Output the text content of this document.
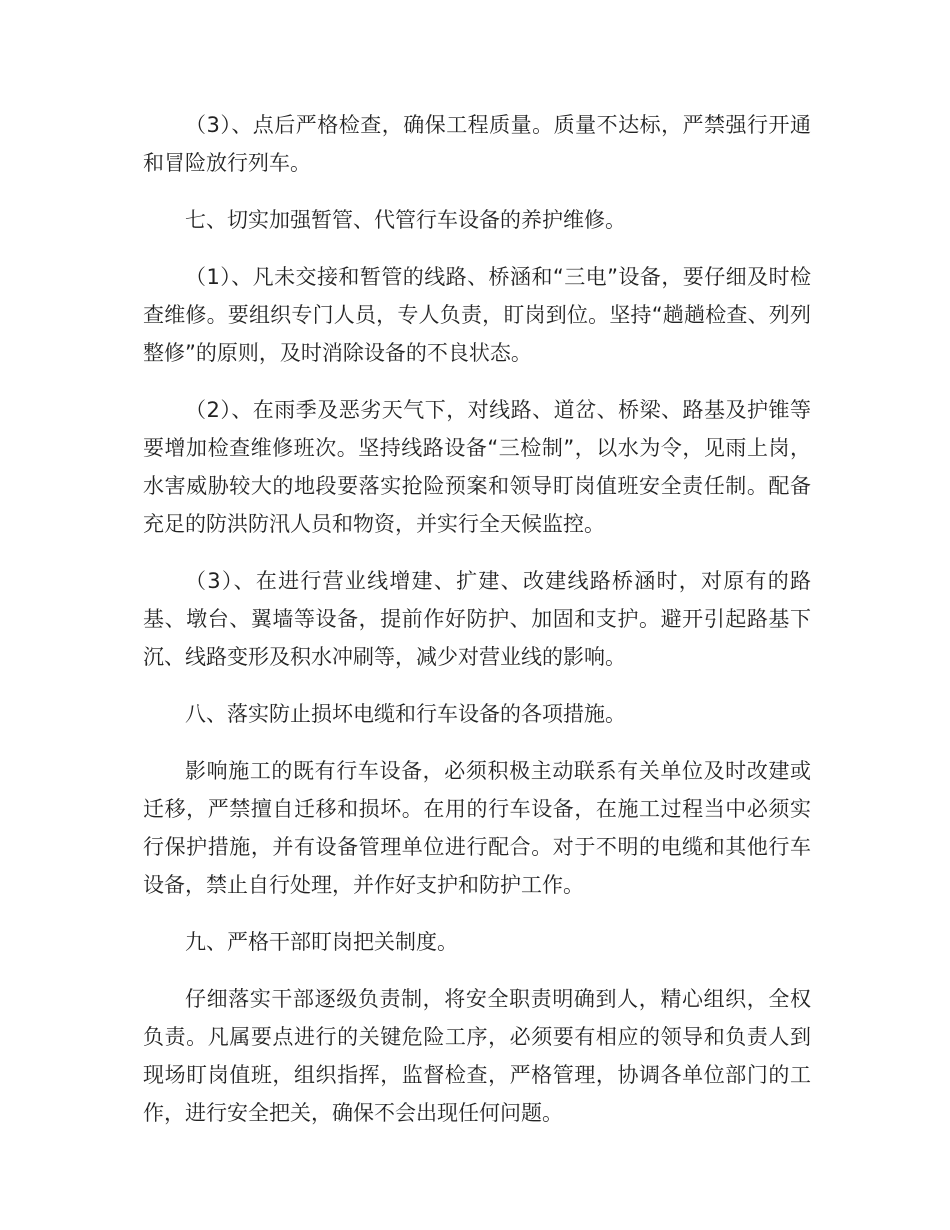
（3）、点后严格检查，确保工程质量。质量不达标，严禁强行开通和冒险放行列车。

七、切实加强暂管、代管行车设备的养护维修。

（1）、凡未交接和暂管的线路、桥涵和“三电”设备，要仔细及时检查维修。要组织专门人员，专人负责，盯岗到位。坚持“趟趟检查、列列整修”的原则，及时消除设备的不良状态。

（2）、在雨季及恶劣天气下，对线路、道岔、桥梁、路基及护锥等要增加检查维修班次。坚持线路设备“三检制”，以水为令，见雨上岗，水害威胁较大的地段要落实抢险预案和领导盯岗值班安全责任制。配备充足的防洪防汛人员和物资，并实行全天候监控。

（3）、在进行营业线增建、扩建、改建线路桥涵时，对原有的路基、墩台、翼墙等设备，提前作好防护、加固和支护。避开引起路基下沉、线路变形及积水冲刷等，减少对营业线的影响。

八、落实防止损坏电缆和行车设备的各项措施。

影响施工的既有行车设备，必须积极主动联系有关单位及时改建或迁移，严禁擅自迁移和损坏。在用的行车设备，在施工过程当中必须实行保护措施，并有设备管理单位进行配合。对于不明的电缆和其他行车设备，禁止自行处理，并作好支护和防护工作。

九、严格干部盯岗把关制度。

仔细落实干部逐级负责制，将安全职责明确到人，精心组织，全权负责。凡属要点进行的关键危险工序，必须要有相应的领导和负责人到现场盯岗值班，组织指挥，监督检查，严格管理，协调各单位部门的工作，进行安全把关，确保不会出现任何问题。
